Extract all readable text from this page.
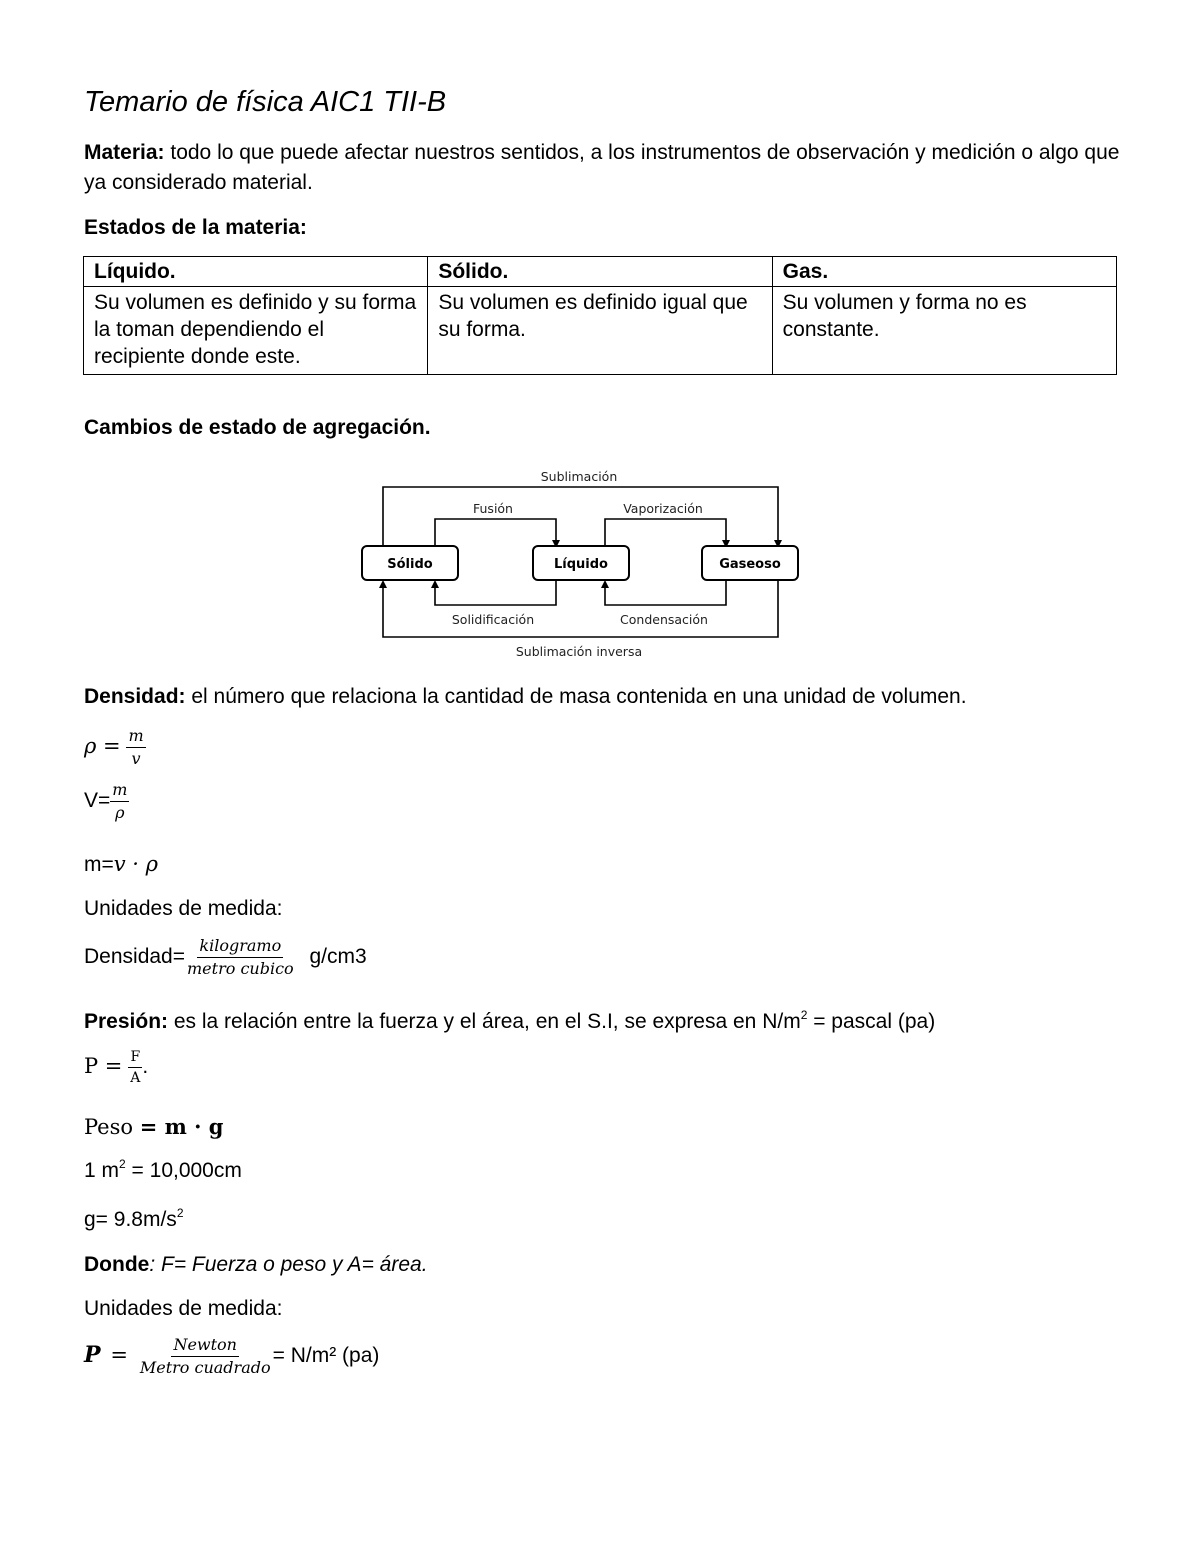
Temario de física AIC1 TII-B
Materia: todo lo que puede afectar nuestros sentidos, a los instrumentos de observación y medición o algo que ya considerado material.
Estados de la materia:
Líquido.	Sólido.	Gas.
Su volumen es definido y su forma la toman dependiendo el recipiente donde este.	Su volumen es definido igual que su forma.	Su volumen y forma no es constante.
Cambios de estado de agregación.
Sólido	Líquido	Gaseoso
Sublimación
Fusión	Vaporización
Solidificación	Condensación
Sublimación inversa
Densidad: el número que relaciona la cantidad de masa contenida en una unidad de volumen.
$\rho = \frac{m}{v}$
$V= \frac{m}{\rho}$
m=v · ρ
Unidades de medida:
Densidad= $\frac{\text{kilogramo}}{\text{metro cubico}} g/cm3$
Presión: es la relación entre la fuerza y el área, en el S.I, se expresa en $N/m^2$ = pascal (pa)
$P = \frac{F}{A}$ .
Peso = m · g
1 $m^2 = 10,000cm$
$g= 9.8m/s^2$
Donde: F= Fuerza o peso y A= área.
Unidades de medida:
$P = \frac{\text{Newton}}{\text{Metro cuadrado}} = N/m^2$ (pa)
